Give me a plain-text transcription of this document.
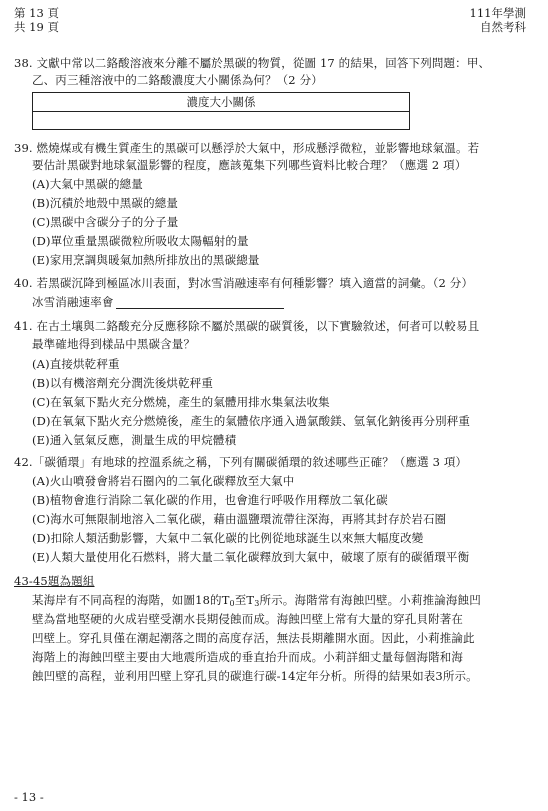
第 13 頁
共 19 頁
111年學測
自然考科
38. 文獻中常以二鉻酸溶液來分離不屬於黑碳的物質，從圖 17 的結果，回答下列問題：甲、
乙、丙三種溶液中的二鉻酸濃度大小關係為何？（2 分）
濃度大小關係
39. 燃燒煤或有機生質產生的黑碳可以懸浮於大氣中，形成懸浮微粒，並影響地球氣溫。若
要估計黑碳對地球氣溫影響的程度，應該蒐集下列哪些資料比較合理？（應選 2 項）
(A)大氣中黑碳的總量
(B)沉積於地殼中黑碳的總量
(C)黑碳中含碳分子的分子量
(D)單位重量黑碳微粒所吸收太陽輻射的量
(E)家用烹調與暖氣加熱所排放出的黑碳總量
40. 若黑碳沉降到極區冰川表面，對冰雪消融速率有何種影響？填入適當的詞彙。（2 分）
冰雪消融速率會
41. 在古土壤與二鉻酸充分反應移除不屬於黑碳的碳質後，以下實驗敘述，何者可以較易且
最準確地得到樣品中黑碳含量？
(A)直接烘乾秤重
(B)以有機溶劑充分潤洗後烘乾秤重
(C)在氧氣下點火充分燃燒，產生的氣體用排水集氣法收集
(D)在氧氣下點火充分燃燒後，產生的氣體依序通入過氯酸鎂、氫氧化鈉後再分別秤重
(E)通入氫氣反應，測量生成的甲烷體積
42.「碳循環」有地球的控溫系統之稱，下列有關碳循環的敘述哪些正確？（應選 3 項）
(A)火山噴發會將岩石圈內的二氧化碳釋放至大氣中
(B)植物會進行消除二氧化碳的作用，也會進行呼吸作用釋放二氧化碳
(C)海水可無限制地溶入二氧化碳，藉由溫鹽環流帶往深海，再將其封存於岩石圈
(D)扣除人類活動影響，大氣中二氧化碳的比例從地球誕生以來無大幅度改變
(E)人類大量使用化石燃料，將大量二氧化碳釋放到大氣中，破壞了原有的碳循環平衡
43-45題為題組
某海岸有不同高程的海階，如圖18的$T_0$至$T_3$所示。海階常有海蝕凹壁。小莉推論海蝕凹
壁為當地堅硬的火成岩壁受潮水長期侵蝕而成。海蝕凹壁上常有大量的穿孔貝附著在
凹壁上。穿孔貝僅在潮起潮落之間的高度存活，無法長期離開水面。因此，小莉推論此
海階上的海蝕凹壁主要由大地震所造成的垂直抬升而成。小莉詳細丈量每個海階和海
蝕凹壁的高程，並利用凹壁上穿孔貝的碳進行碳-14定年分析。所得的結果如表3所示。
- 13 -
